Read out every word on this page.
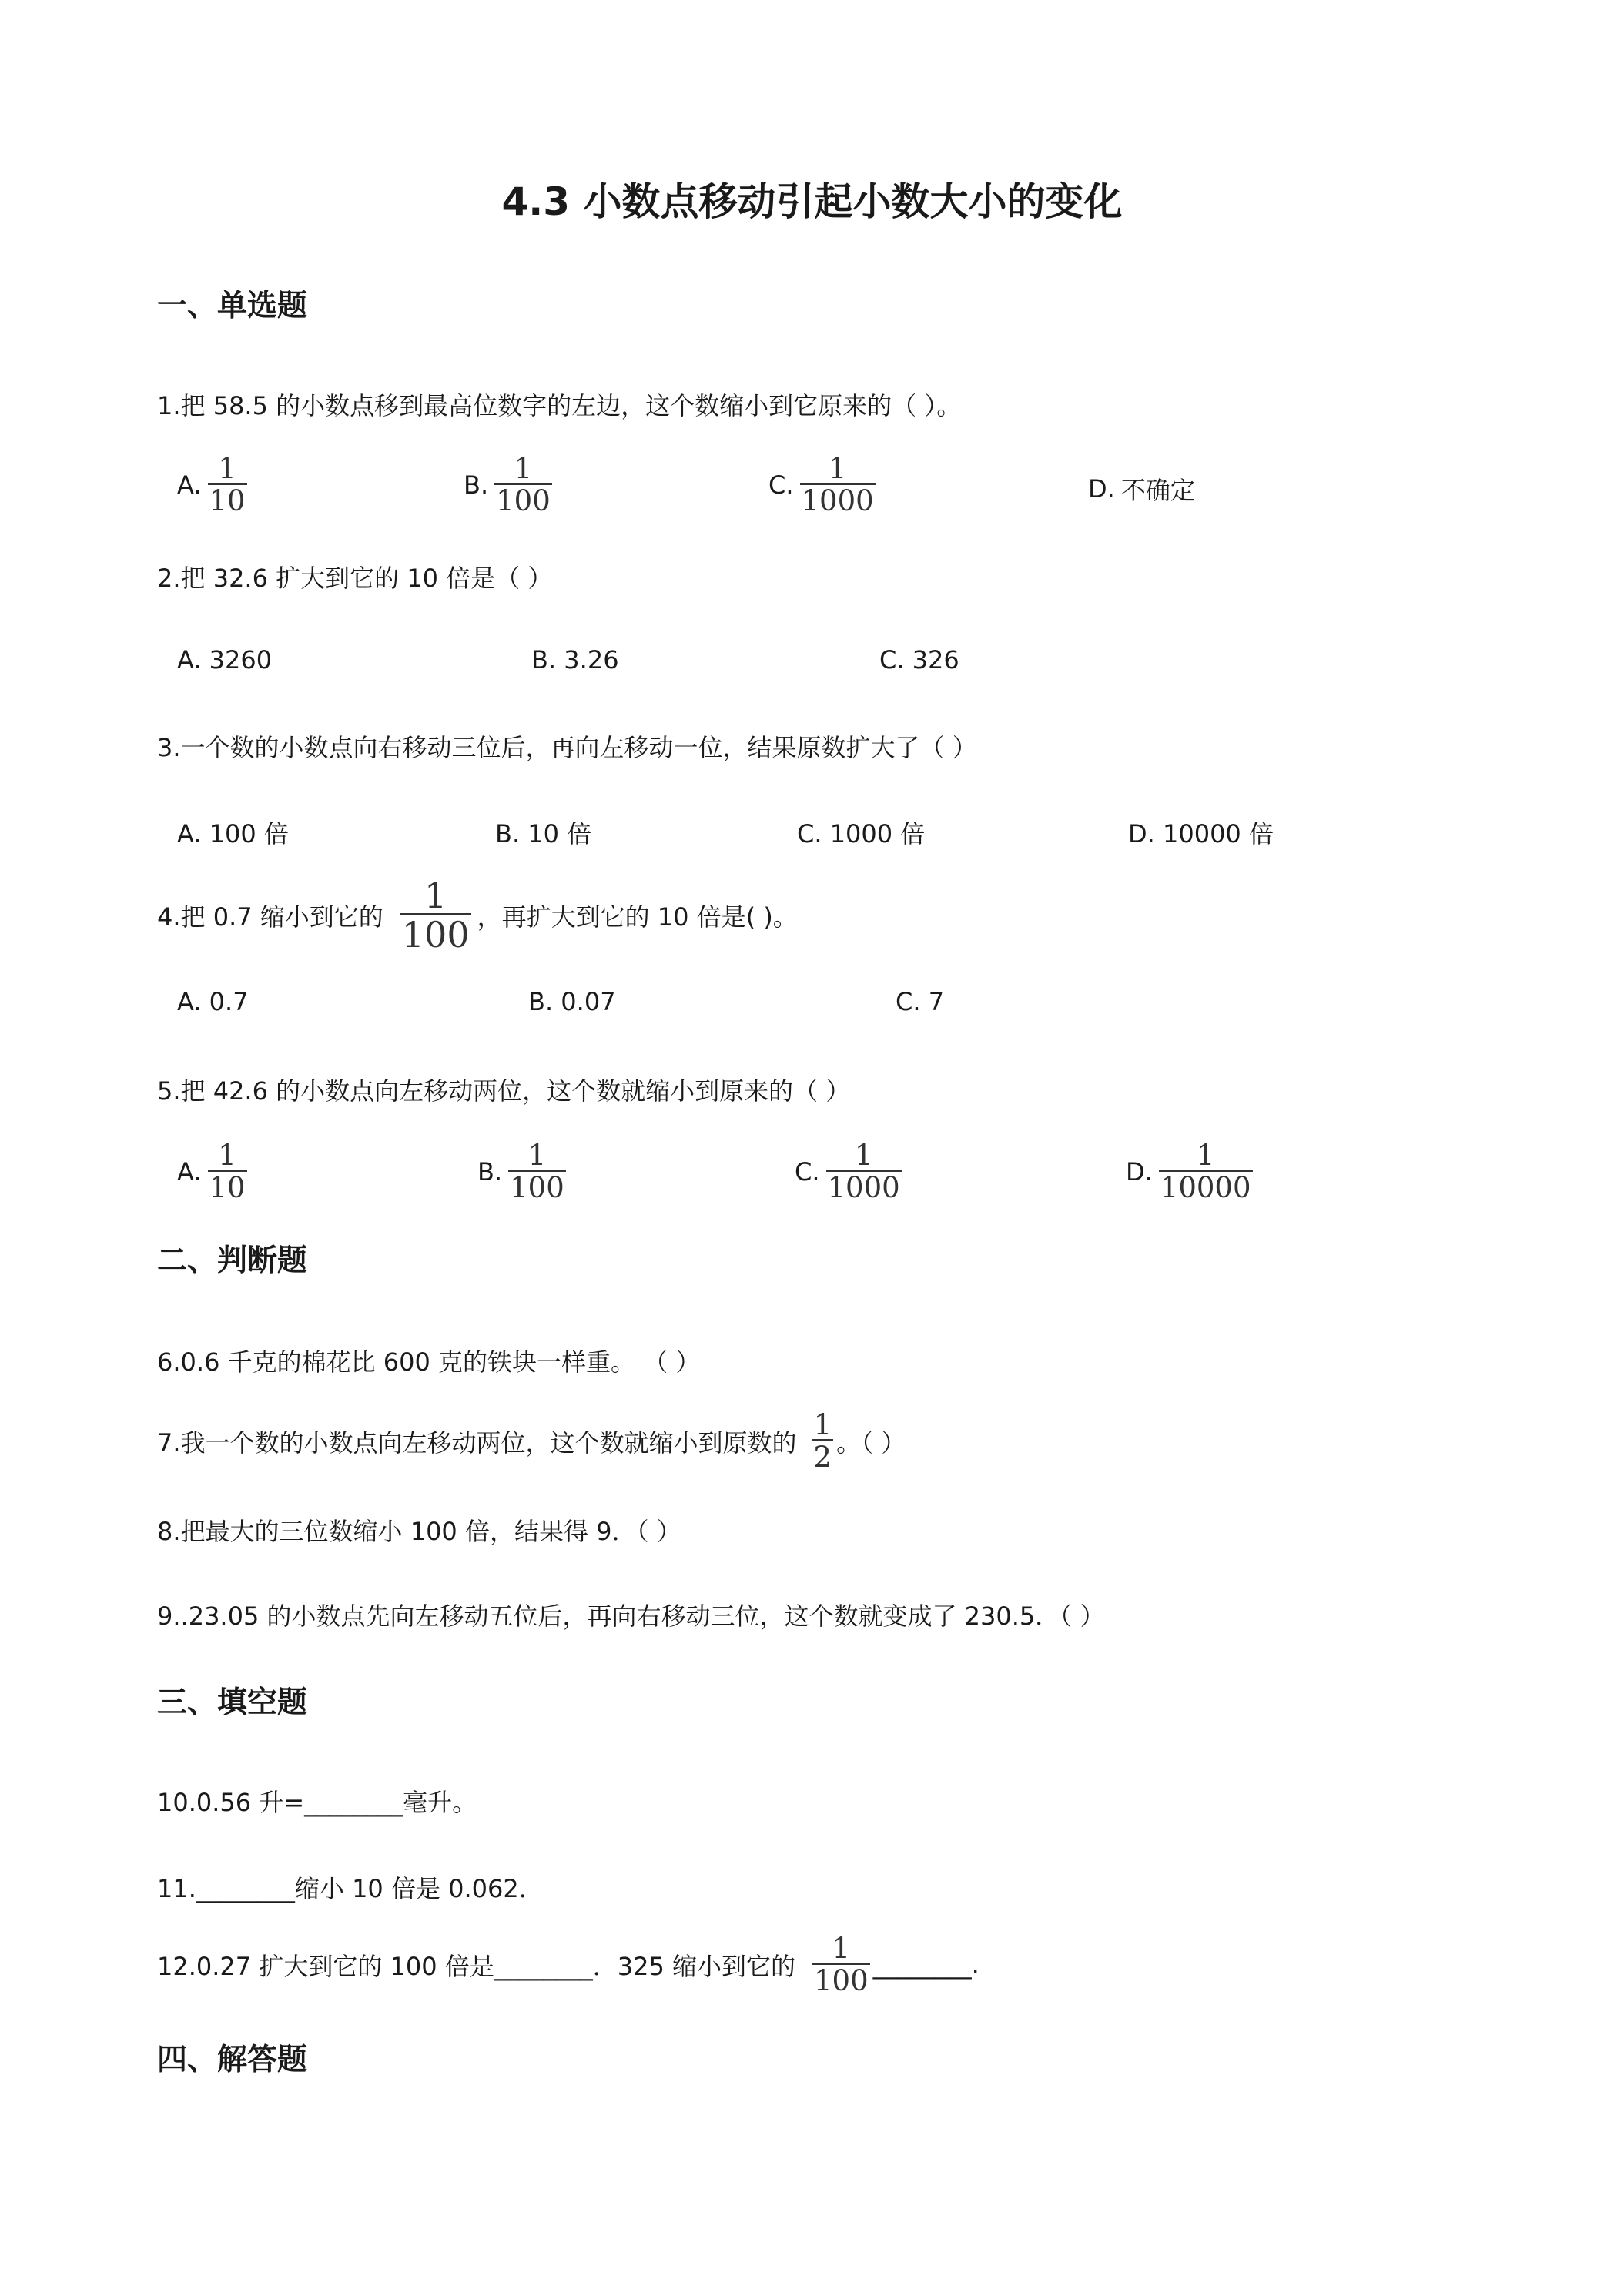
4.3 小数点移动引起小数大小的变化
一、单选题
1.把 58.5 的小数点移到最高位数字的左边，这个数缩小到它原来的（ ）。
A. $\frac{1}{10}$	B. $\frac{1}{100}$	C. $\frac{1}{1000}$	D. 不确定
2.把 32.6 扩大到它的 10 倍是（ ）
A. 3260	B. 3.26	C. 326
3.一个数的小数点向右移动三位后，再向左移动一位，结果原数扩大了（ ）
A. 100 倍	B. 10 倍	C. 1000 倍	D. 10000 倍
4.把 0.7 缩小到它的 $\frac{1}{100}$ ，再扩大到它的 10 倍是( )。
A. 0.7	B. 0.07	C. 7
5.把 42.6 的小数点向左移动两位，这个数就缩小到原来的（ ）
A. $\frac{1}{10}$	B. $\frac{1}{100}$	C. $\frac{1}{1000}$	D. $\frac{1}{10000}$
二、判断题
6.0.6 千克的棉花比 600 克的铁块一样重。 （ ）
7.我一个数的小数点向左移动两位，这个数就缩小到原数的 $\frac{1}{2}$ 。（ ）
8.把最大的三位数缩小 100 倍，结果得 9．（ ）
9..23.05 的小数点先向左移动五位后，再向右移动三位，这个数就变成了 230.5．（ ）
三、填空题
10.0.56 升=________毫升。
11.________缩小 10 倍是 0.062．
12.0.27 扩大到它的 100 倍是________．325 缩小到它的 $\frac{1}{100}$ ________.
四、解答题
